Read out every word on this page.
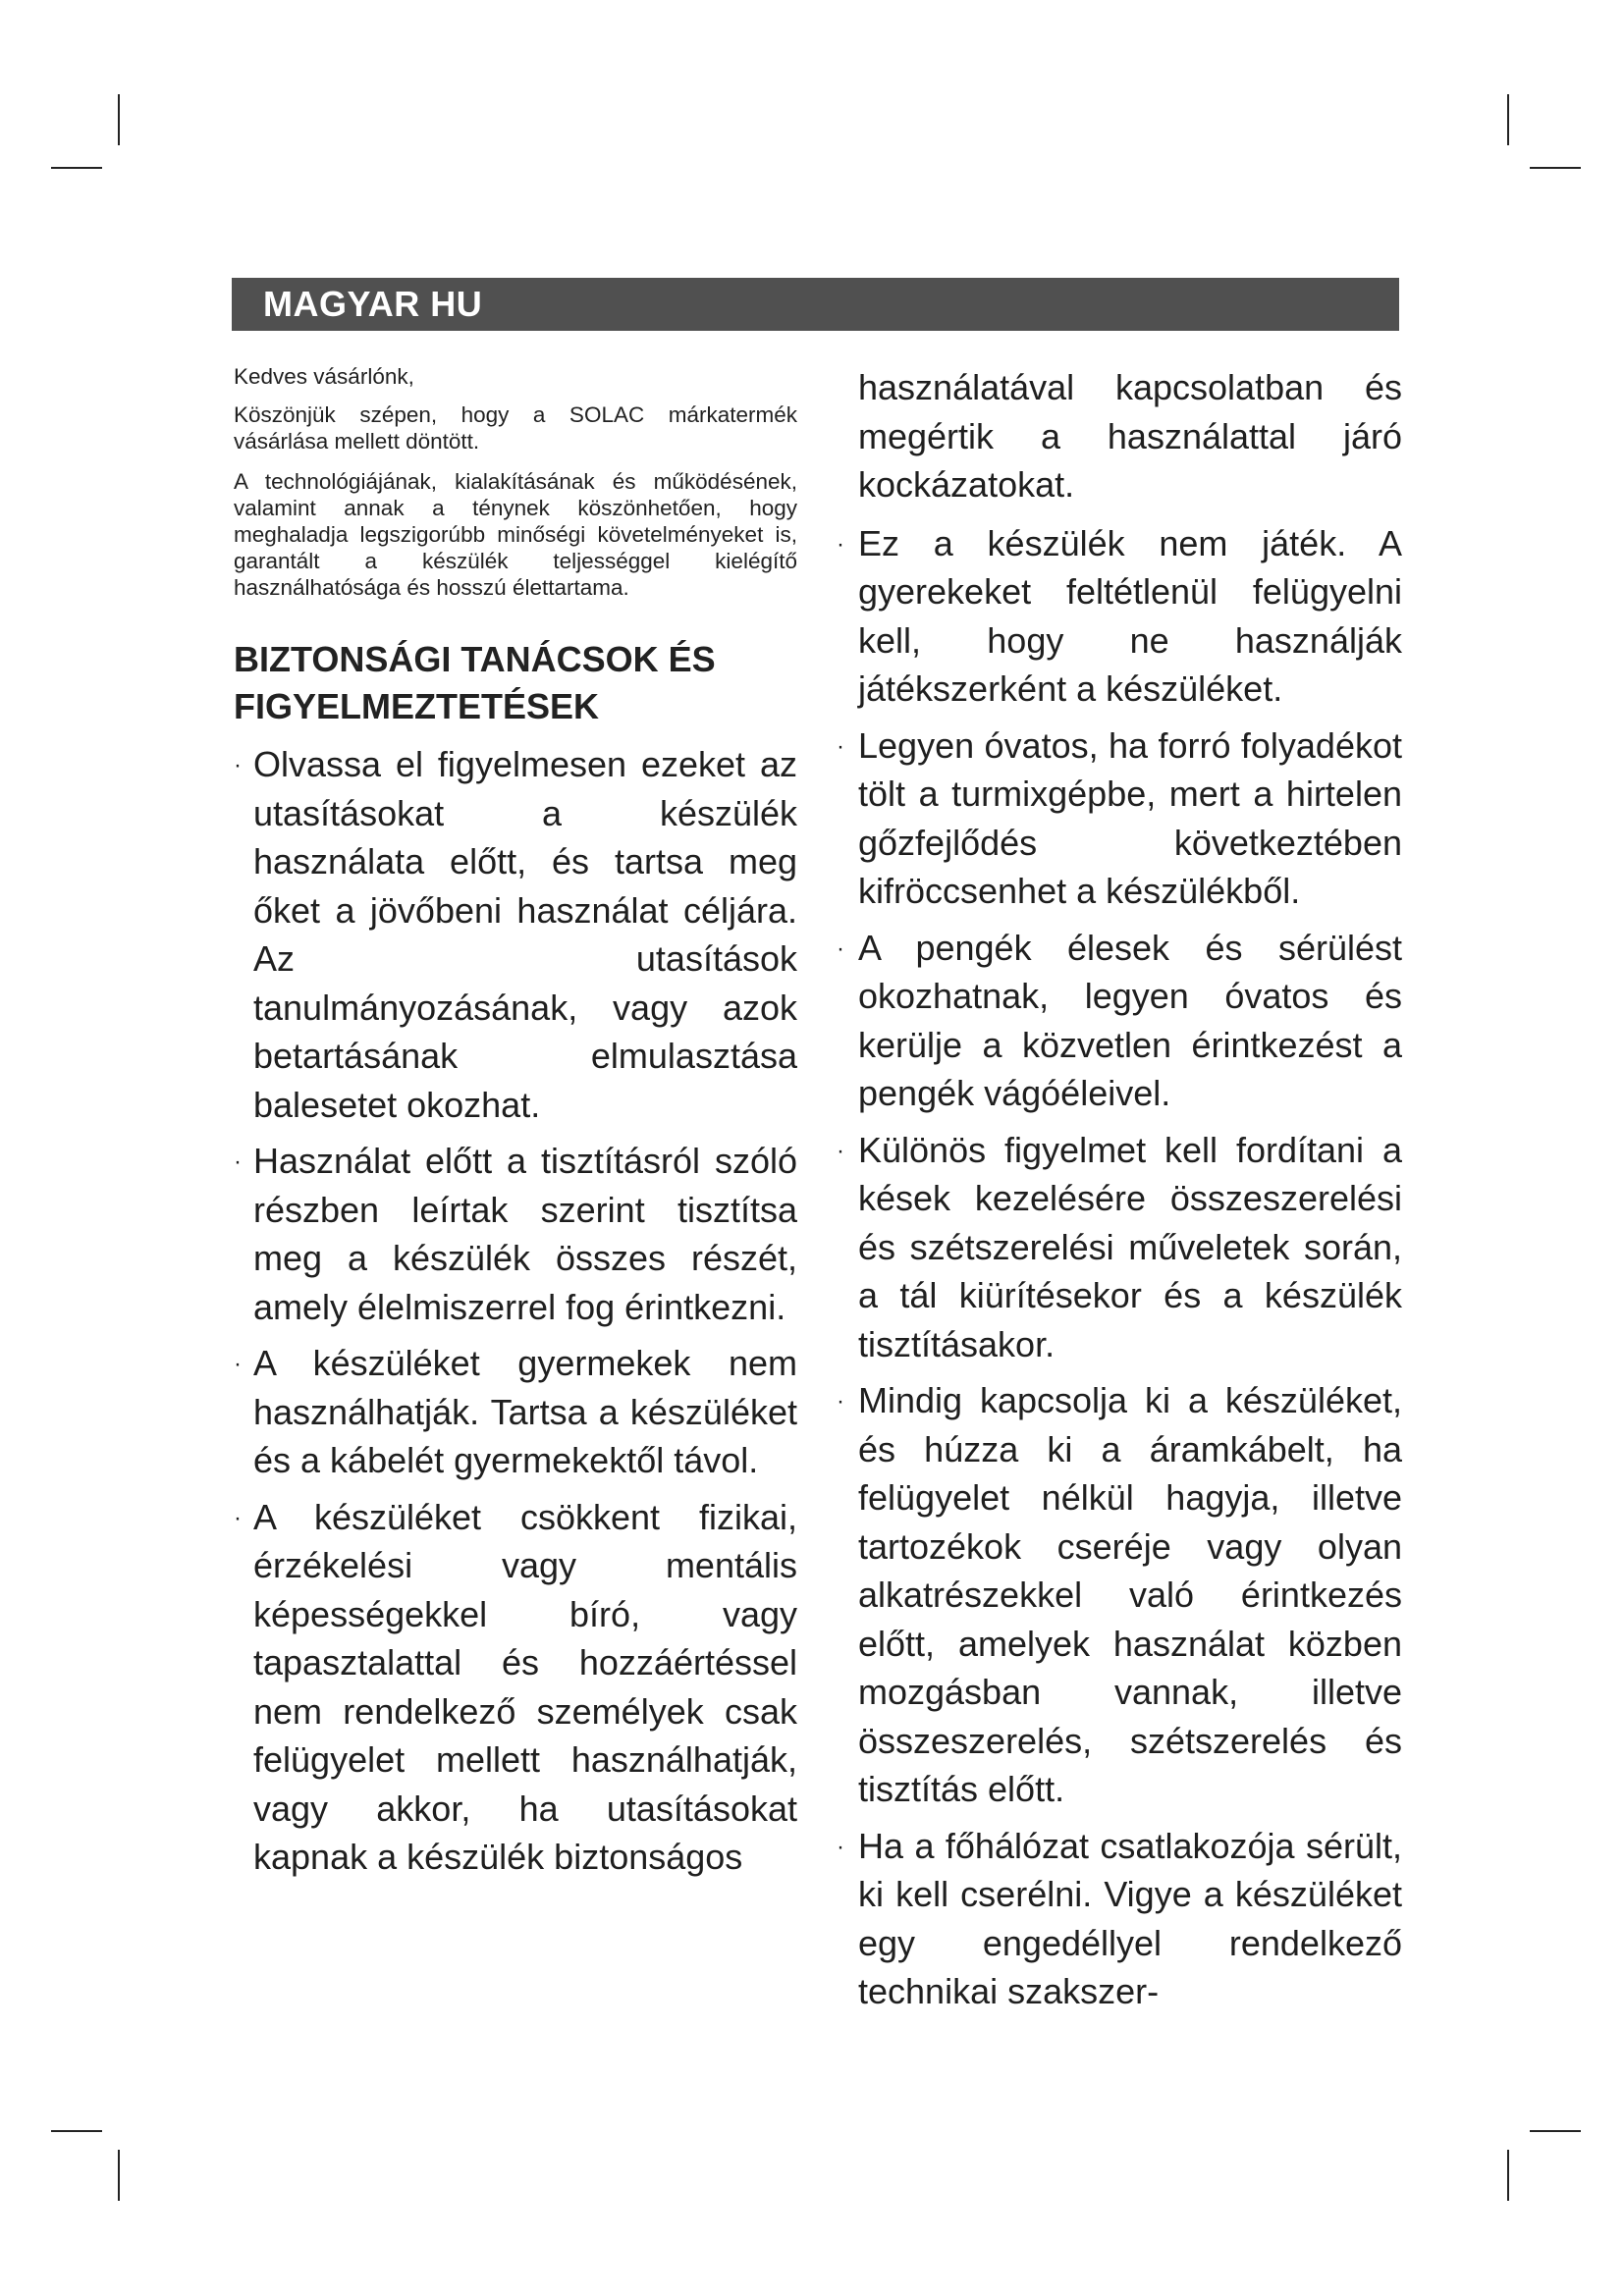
MAGYAR HU

Kedves vásárlónk,

Köszönjük szépen, hogy a SOLAC márkatermék vásárlása mellett döntött.

A technológiájának, kialakításának és működésének, valamint annak a ténynek köszönhetően, hogy meghaladja legszigorúbb minőségi követelményeket is, garantált a készülék teljességgel kielégítő használhatósága és hosszú élettartama.

BIZTONSÁGI TANÁCSOK ÉS FIGYELMEZTETÉSEK
· Olvassa el figyelmesen ezeket az utasításokat a készülék használata előtt, és tartsa meg őket a jövőbeni használat céljára. Az utasítások tanulmányozásának, vagy azok betartásának elmulasztása balesetet okozhat.
· Használat előtt a tisztításról szóló részben leírtak szerint tisztítsa meg a készülék összes részét, amely élelmiszerrel fog érintkezni.
· A készüléket gyermekek nem használhatják. Tartsa a készüléket és a kábelét gyermekektől távol.
· A készüléket csökkent fizikai, érzékelési vagy mentális képességekkel bíró, vagy tapasztalattal és hozzáértéssel nem rendelkező személyek csak felügyelet mellett használhatják, vagy akkor, ha utasításokat kapnak a készülék biztonságos
használatával kapcsolatban és megértik a használattal járó kockázatokat.
· Ez a készülék nem játék. A gyerekeket feltétlenül felügyelni kell, hogy ne használják játékszerként a készüléket.
· Legyen óvatos, ha forró folyadékot tölt a turmixgépbe, mert a hirtelen gőzfejlődés következtében kifröccsenhet a készülékből.
· A pengék élesek és sérülést okozhatnak, legyen óvatos és kerülje a közvetlen érintkezést a pengék vágóéleivel.
· Különös figyelmet kell fordítani a kések kezelésére összeszerelési és szétszerelési műveletek során, a tál kiürítésekor és a készülék tisztításakor.
· Mindig kapcsolja ki a készüléket, és húzza ki a áramkábelt, ha felügyelet nélkül hagyja, illetve tartozékok cseréje vagy olyan alkatrészekkel való érintkezés előtt, amelyek használat közben mozgásban vannak, illetve összeszerelés, szétszerelés és tisztítás előtt.
· Ha a főhálózat csatlakozója sérült, ki kell cserélni. Vigye a készüléket egy engedéllyel rendelkező technikai szakszer-
